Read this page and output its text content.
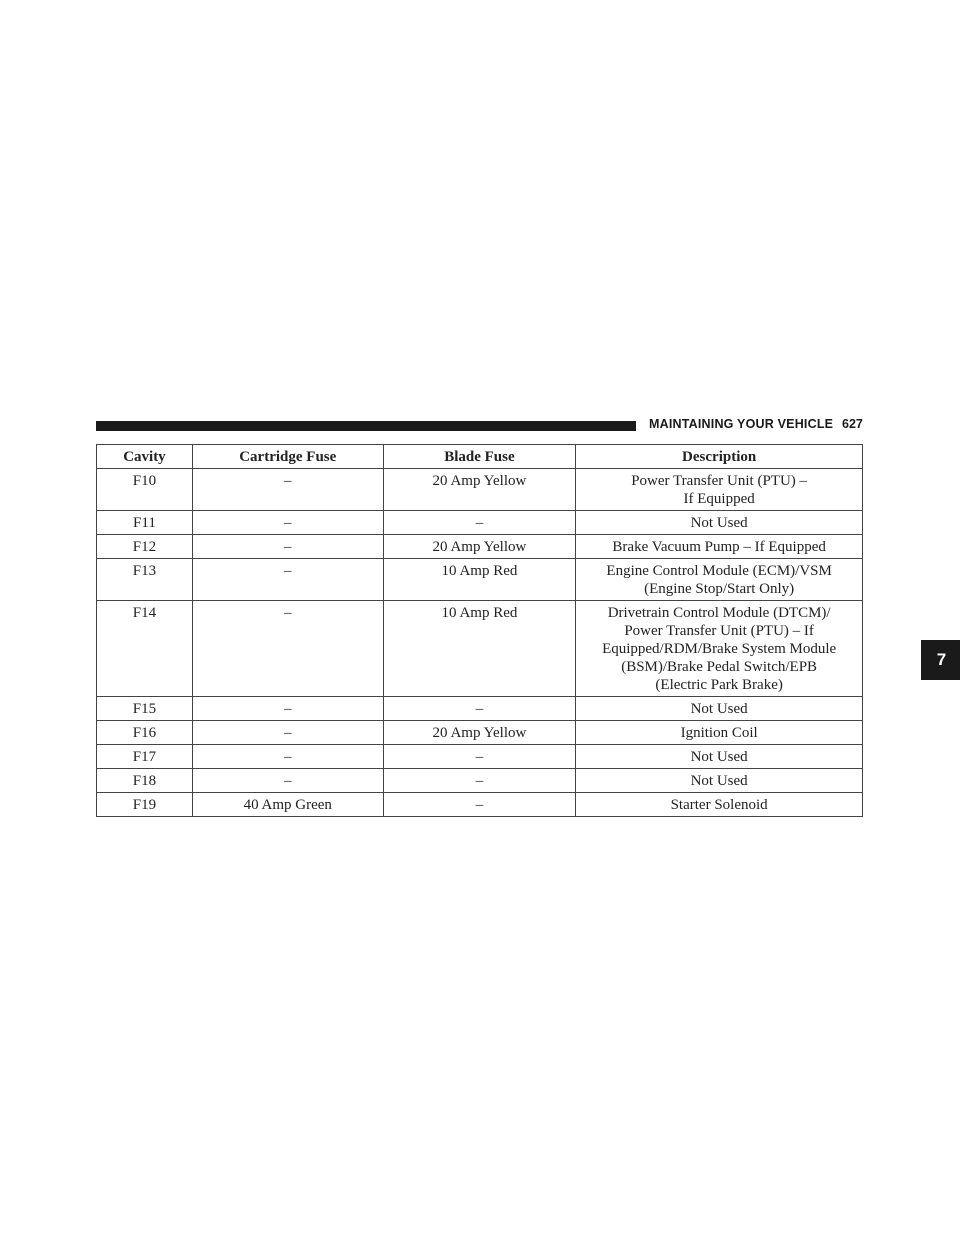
MAINTAINING YOUR VEHICLE 627
7
Cavity	Cartridge Fuse	Blade Fuse	Description
F10	–	20 Amp Yellow	Power Transfer Unit (PTU) –
If Equipped

F11	–	–	Not Used

F12	–	20 Amp Yellow	Brake Vacuum Pump – If Equipped

F13	–	10 Amp Red	Engine Control Module (ECM)/VSM
(Engine Stop/Start Only)

F14	–	10 Amp Red	Drivetrain Control Module (DTCM)/
Power Transfer Unit (PTU) – If
Equipped/RDM/Brake System Module
(BSM)/Brake Pedal Switch/EPB
(Electric Park Brake)

F15	–	–	Not Used

F16	–	20 Amp Yellow	Ignition Coil

F17	–	–	Not Used

F18	–	–	Not Used

F19	40 Amp Green	–	Starter Solenoid
